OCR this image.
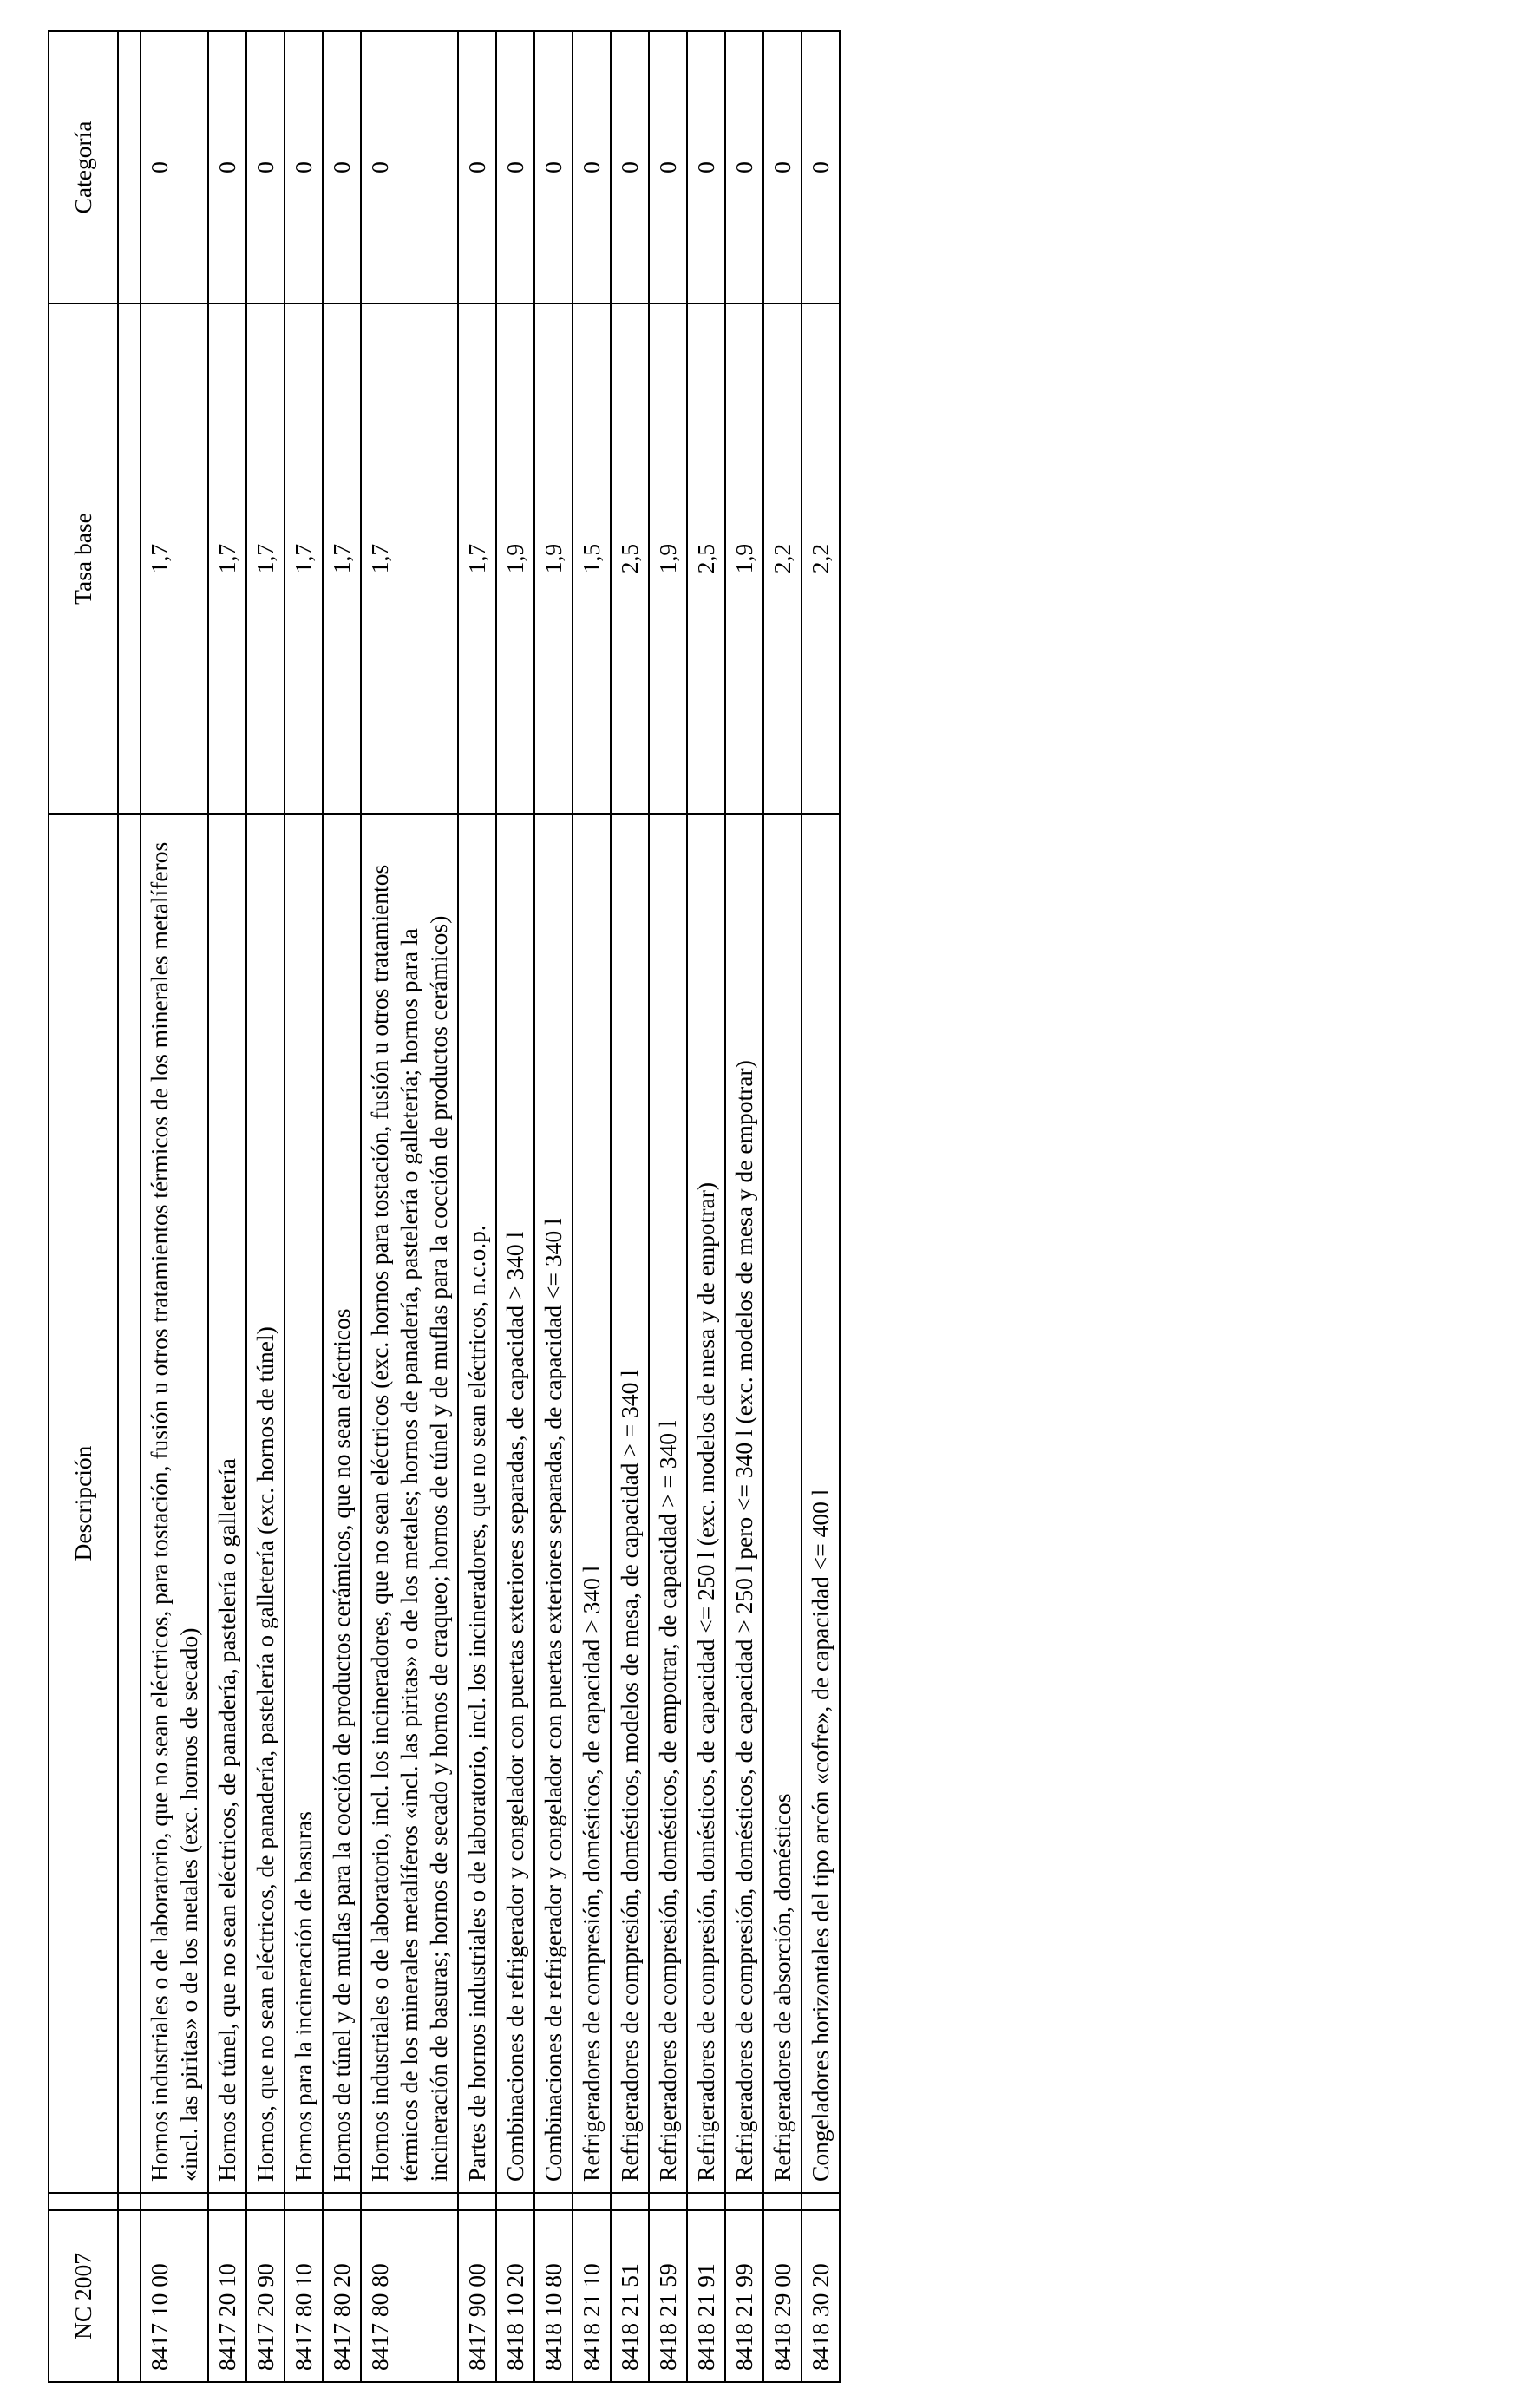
NC 2007		Descripción	Tasa base	Categoría

8417 10 00		Hornos industriales o de laboratorio, que no sean eléctricos, para tostación, fusión u otros tratamientos térmicos de los minerales metalíferos «incl. las piritas» o de los metales (exc. hornos de secado)	1,7	0
8417 20 10		Hornos de túnel, que no sean eléctricos, de panadería, pastelería o galletería	1,7	0
8417 20 90		Hornos, que no sean eléctricos, de panadería, pastelería o galletería (exc. hornos de túnel)	1,7	0
8417 80 10		Hornos para la incineración de basuras	1,7	0
8417 80 20		Hornos de túnel y de muflas para la cocción de productos cerámicos, que no sean eléctricos	1,7	0
8417 80 80		Hornos industriales o de laboratorio, incl. los incineradores, que no sean eléctricos (exc. hornos para tostación, fusión u otros tratamientos térmicos de los minerales metalíferos «incl. las piritas» o de los metales; hornos de panadería, pastelería o galletería; hornos para la incineración de basuras; hornos de secado y hornos de craqueo; hornos de túnel y de muflas para la cocción de productos cerámicos)	1,7	0
8417 90 00		Partes de hornos industriales o de laboratorio, incl. los incineradores, que no sean eléctricos, n.c.o.p.	1,7	0
8418 10 20		Combinaciones de refrigerador y congelador con puertas exteriores separadas, de capacidad > 340 l	1,9	0
8418 10 80		Combinaciones de refrigerador y congelador con puertas exteriores separadas, de capacidad <= 340 l	1,9	0
8418 21 10		Refrigeradores de compresión, domésticos, de capacidad > 340 l	1,5	0
8418 21 51		Refrigeradores de compresión, domésticos, modelos de mesa, de capacidad > = 340 l	2,5	0
8418 21 59		Refrigeradores de compresión, domésticos, de empotrar, de capacidad > = 340 l	1,9	0
8418 21 91		Refrigeradores de compresión, domésticos, de capacidad <= 250 l (exc. modelos de mesa y de empotrar)	2,5	0
8418 21 99		Refrigeradores de compresión, domésticos, de capacidad > 250 l pero <= 340 l (exc. modelos de mesa y de empotrar)	1,9	0
8418 29 00		Refrigeradores de absorción, domésticos	2,2	0
8418 30 20		Congeladores horizontales del tipo arcón «cofre», de capacidad <= 400 l	2,2	0
